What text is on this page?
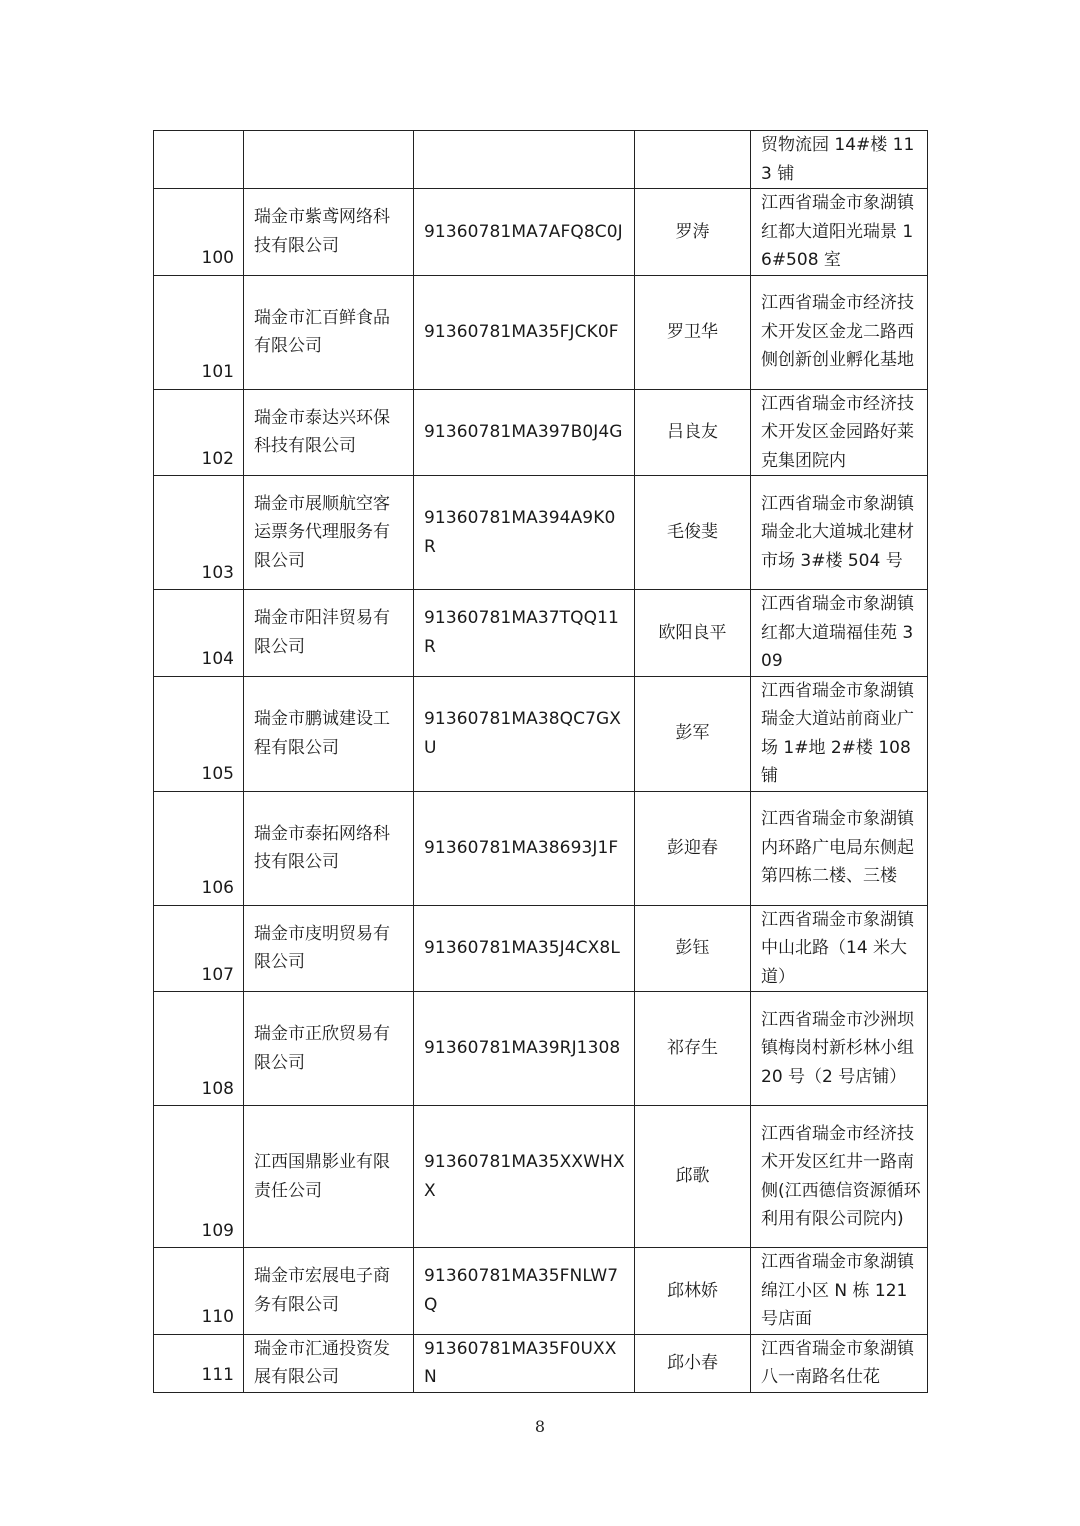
				贸物流园 14#楼 113 铺
100	瑞金市紫鸢网络科技有限公司	91360781MA7AFQ8C0J	罗涛	江西省瑞金市象湖镇红都大道阳光瑞景 16#508 室
101	瑞金市汇百鲜食品有限公司	91360781MA35FJCK0F	罗卫华	江西省瑞金市经济技术开发区金龙二路西侧创新创业孵化基地
102	瑞金市泰达兴环保科技有限公司	91360781MA397B0J4G	吕良友	江西省瑞金市经济技术开发区金园路好莱克集团院内
103	瑞金市展顺航空客运票务代理服务有限公司	91360781MA394A9K0R	毛俊斐	江西省瑞金市象湖镇瑞金北大道城北建材市场 3#楼 504 号
104	瑞金市阳沣贸易有限公司	91360781MA37TQQ11R	欧阳良平	江西省瑞金市象湖镇红都大道瑞福佳苑 309
105	瑞金市鹏诚建设工程有限公司	91360781MA38QC7GXU	彭军	江西省瑞金市象湖镇瑞金大道站前商业广场 1#地 2#楼 108 铺
106	瑞金市泰拓网络科技有限公司	91360781MA38693J1F	彭迎春	江西省瑞金市象湖镇内环路广电局东侧起第四栋二楼、三楼
107	瑞金市庋明贸易有限公司	91360781MA35J4CX8L	彭钰	江西省瑞金市象湖镇中山北路（14 米大道）
108	瑞金市正欣贸易有限公司	91360781MA39RJ1308	祁存生	江西省瑞金市沙洲坝镇梅岗村新杉林小组 20 号（2 号店铺）
109	江西国鼎影业有限责任公司	91360781MA35XXWHXX	邱歌	江西省瑞金市经济技术开发区红井一路南侧(江西德信资源循环利用有限公司院内)
110	瑞金市宏展电子商务有限公司	91360781MA35FNLW7Q	邱林娇	江西省瑞金市象湖镇绵江小区 N 栋 121 号店面
111	瑞金市汇通投资发展有限公司	91360781MA35F0UXXN	邱小春	江西省瑞金市象湖镇八一南路名仕花
8
